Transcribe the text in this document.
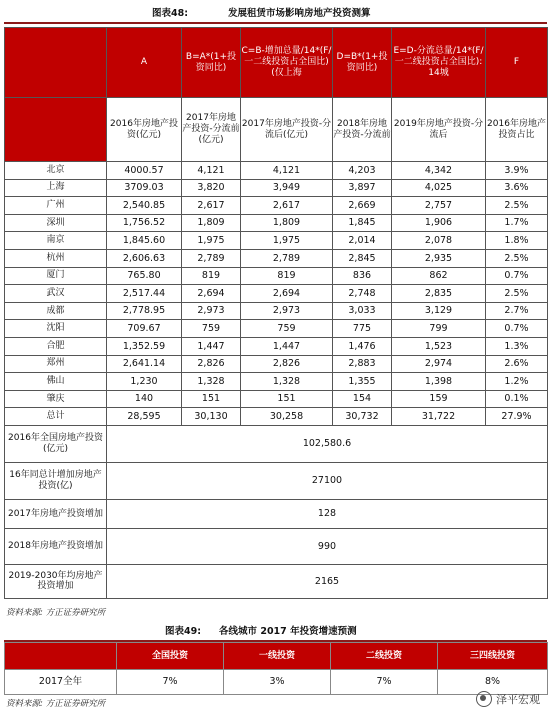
图表48:	发展租赁市场影响房地产投资测算
	A	B=A*(1+投资同比)	C=B-增加总量/14*(F/一二线投资占全国比) (仅上海	D=B*(1+投资同比)	E=D-分流总量/14*(F/一二线投资占全国比): 14城	F
	2016年房地产投资(亿元)	2017年房地产投资-分流前(亿元)	2017年房地产投资-分流后(亿元)	2018年房地产投资-分流前	2019年房地产投资-分流后	2016年房地产投资占比
北京	4000.57	4,121	4,121	4,203	4,342	3.9%
上海	3709.03	3,820	3,949	3,897	4,025	3.6%
广州	2,540.85	2,617	2,617	2,669	2,757	2.5%
深圳	1,756.52	1,809	1,809	1,845	1,906	1.7%
南京	1,845.60	1,975	1,975	2,014	2,078	1.8%
杭州	2,606.63	2,789	2,789	2,845	2,935	2.5%
厦门	765.80	819	819	836	862	0.7%
武汉	2,517.44	2,694	2,694	2,748	2,835	2.5%
成都	2,778.95	2,973	2,973	3,033	3,129	2.7%
沈阳	709.67	759	759	775	799	0.7%
合肥	1,352.59	1,447	1,447	1,476	1,523	1.3%
郑州	2,641.14	2,826	2,826	2,883	2,974	2.6%
佛山	1,230	1,328	1,328	1,355	1,398	1.2%
肇庆	140	151	151	154	159	0.1%
总计	28,595	30,130	30,258	30,732	31,722	27.9%
2016年全国房地产投资(亿元)	102,580.6					
16年同总计增加房地产投资(亿)	27100					
2017年房地产投资增加	128					
2018年房地产投资增加	990					
2019-2030年均房地产投资增加	2165					
资料来源: 方正证券研究所
图表49: 各线城市 2017 年投资增速预测
	全国投资	一线投资	二线投资	三四线投资
2017全年	7%	3%	7%	8%
资料来源: 方正证券研究所	泽平宏观
